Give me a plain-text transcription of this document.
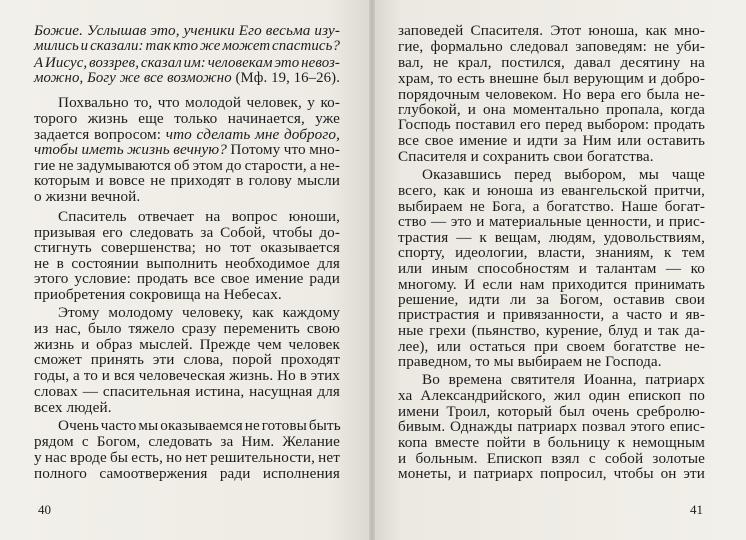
Божие. Услышав это, ученики Его весьма изу-
мились и сказали: так кто же может спастись?
А Иисус, воззрев, сказал им: человекам это невоз-
можно, Богу же все возможно (Мф. 19, 16–26).
Похвально то, что молодой человек, у ко-
торого жизнь еще только начинается, уже
задается вопросом: что сделать мне доброго,
чтобы иметь жизнь вечную? Потому что мно-
гие не задумываются об этом до старости, а не-
которым и вовсе не приходят в голову мысли
о жизни вечной.
Спаситель отвечает на вопрос юноши,
призывая его следовать за Собой, чтобы до-
стигнуть совершенства; но тот оказывается
не в состоянии выполнить необходимое для
этого условие: продать все свое имение ради
приобретения сокровища на Небесах.
Этому молодому человеку, как каждому
из нас, было тяжело сразу переменить свою
жизнь и образ мыслей. Прежде чем человек
сможет принять эти слова, порой проходят
годы, а то и вся человеческая жизнь. Но в этих
словах — спасительная истина, насущная для
всех людей.
Очень часто мы оказываемся не готовы быть
рядом с Богом, следовать за Ним. Желание
у нас вроде бы есть, но нет решительности, нет
полного самоотвержения ради исполнения
заповедей Спасителя. Этот юноша, как мно-
гие, формально следовал заповедям: не уби-
вал, не крал, постился, давал десятину на
храм, то есть внешне был верующим и добро-
порядочным человеком. Но вера его была не-
глубокой, и она моментально пропала, когда
Господь поставил его перед выбором: продать
все свое имение и идти за Ним или оставить
Спасителя и сохранить свои богатства.
Оказавшись перед выбором, мы чаще
всего, как и юноша из евангельской притчи,
выбираем не Бога, а богатство. Наше богат-
ство — это и материальные ценности, и прис-
трастия — к вещам, людям, удовольствиям,
спорту, идеологии, власти, знаниям, к тем
или иным способностям и талантам — ко
многому. И если нам приходится принимать
решение, идти ли за Богом, оставив свои
пристрастия и привязанности, а часто и яв-
ные грехи (пьянство, курение, блуд и так да-
лее), или остаться при своем богатстве не-
праведном, то мы выбираем не Господа.
Во времена святителя Иоанна, патриарх
ха Александрийского, жил один епископ по
имени Троил, который был очень сребролю-
бивым. Однажды патриарх позвал этого епис-
копа вместе пойти в больницу к немощным
и больным. Епископ взял с собой золотые
монеты, и патриарх попросил, чтобы он эти
40	41
